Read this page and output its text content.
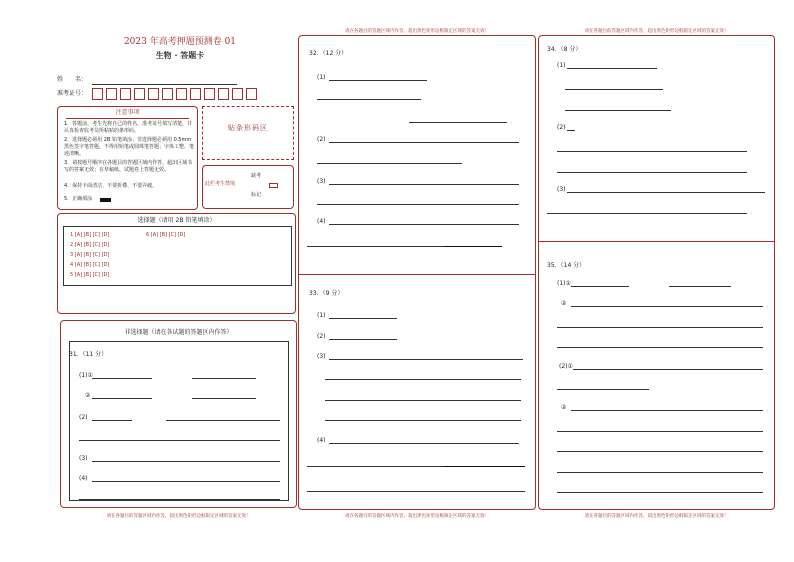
2023 年高考押题预测卷 01
生物 · 答题卡
姓　　名：
准考证号：
注意事项
1．答题前，考生先将自己的姓名，准考证号填写清楚，并认真检查监考员所粘贴的条形码。
2．选择题必须用 2B 铅笔填涂；非选择题必须用 0.5mm 黑色签字笔答题，不得用铅笔或圆珠笔答题；字体工整、笔迹清晰。
3．请按题号顺序在各题目的答题区域内作答，超出区域书写的答案无效；在草稿纸、试题卷上答题无效。
4．保持卡面清洁，不要折叠、不要弄破。
5．正确填涂
贴条形码区
此栏考生禁填
缺考
标记
选择题（请用 2B 铅笔填涂）
1 [A] [B] [C] [D]
2 [A] [B] [C] [D]
3 [A] [B] [C] [D]
4 [A] [B] [C] [D]
5 [A] [B] [C] [D]
6 [A] [B] [C] [D]
非选择题（请在各试题的答题区内作答）
31．（11 分）
(1)①
②
(2)
(3)
(4)
请在各题目的答题区域内作答，超出黑色矩形边框限定区域的答案无效！
请在各题目的答题区域内作答，超出黑色矩形边框限定区域的答案无效！
32．（12 分）
(1)
(2)
(3)
(4)
33．（9 分）
(1)
(2)
(3)
(4)
请在各题目的答题区域内作答，超出黑色矩形边框限定区域的答案无效！
请在各题目的答题区域内作答，超出黑色矩形边框限定区域的答案无效！
34．（8 分）
(1)
(2)
(3)
35．（14 分）
(1)①
②
(2)①
②
请在各题目的答题区域内作答，超出黑色矩形边框限定区域的答案无效！
